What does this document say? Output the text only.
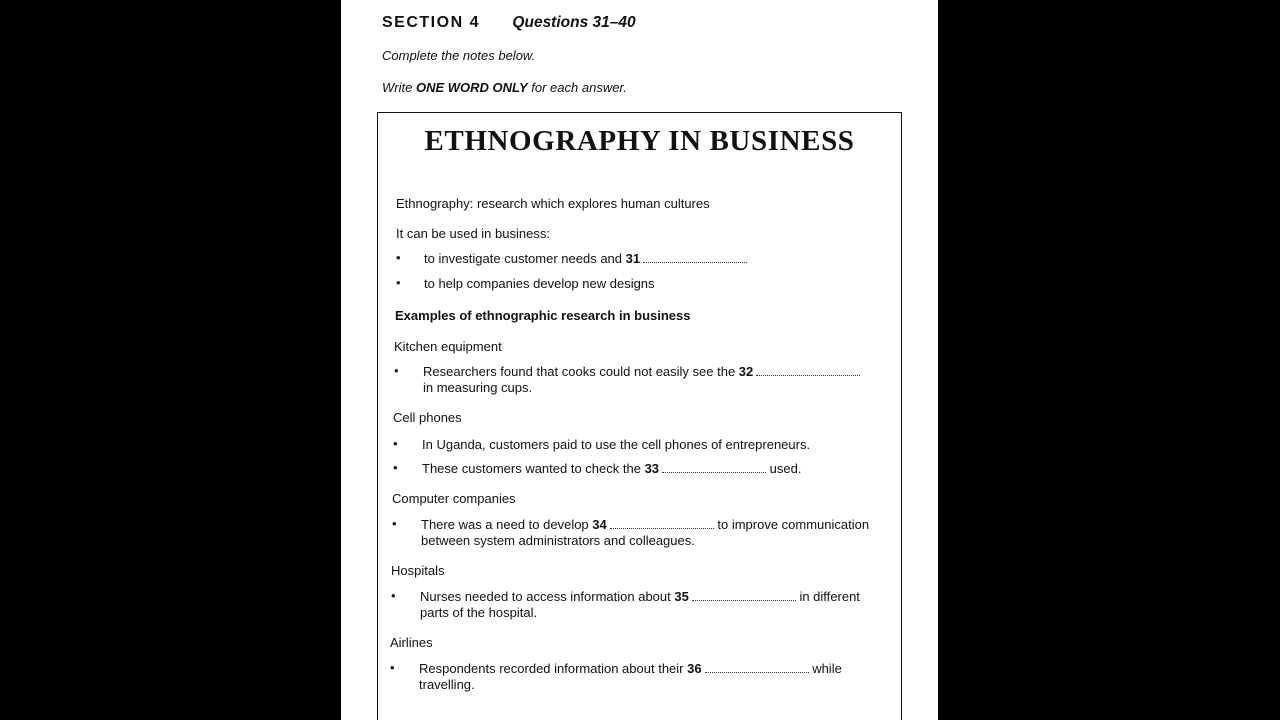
SECTION 4 Questions 31–40
Complete the notes below.
Write ONE WORD ONLY for each answer.
ETHNOGRAPHY IN BUSINESS
Ethnography: research which explores human cultures
It can be used in business:
• to investigate customer needs and 31
• to help companies develop new designs
Examples of ethnographic research in business
Kitchen equipment
• Researchers found that cooks could not easily see the 32
in measuring cups.
Cell phones
• In Uganda, customers paid to use the cell phones of entrepreneurs.
• These customers wanted to check the 33	used.
Computer companies
• There was a need to develop 34	to improve communication
between system administrators and colleagues.
Hospitals
• Nurses needed to access information about 35	in different
parts of the hospital.
Airlines
• Respondents recorded information about their 36	while
travelling.
